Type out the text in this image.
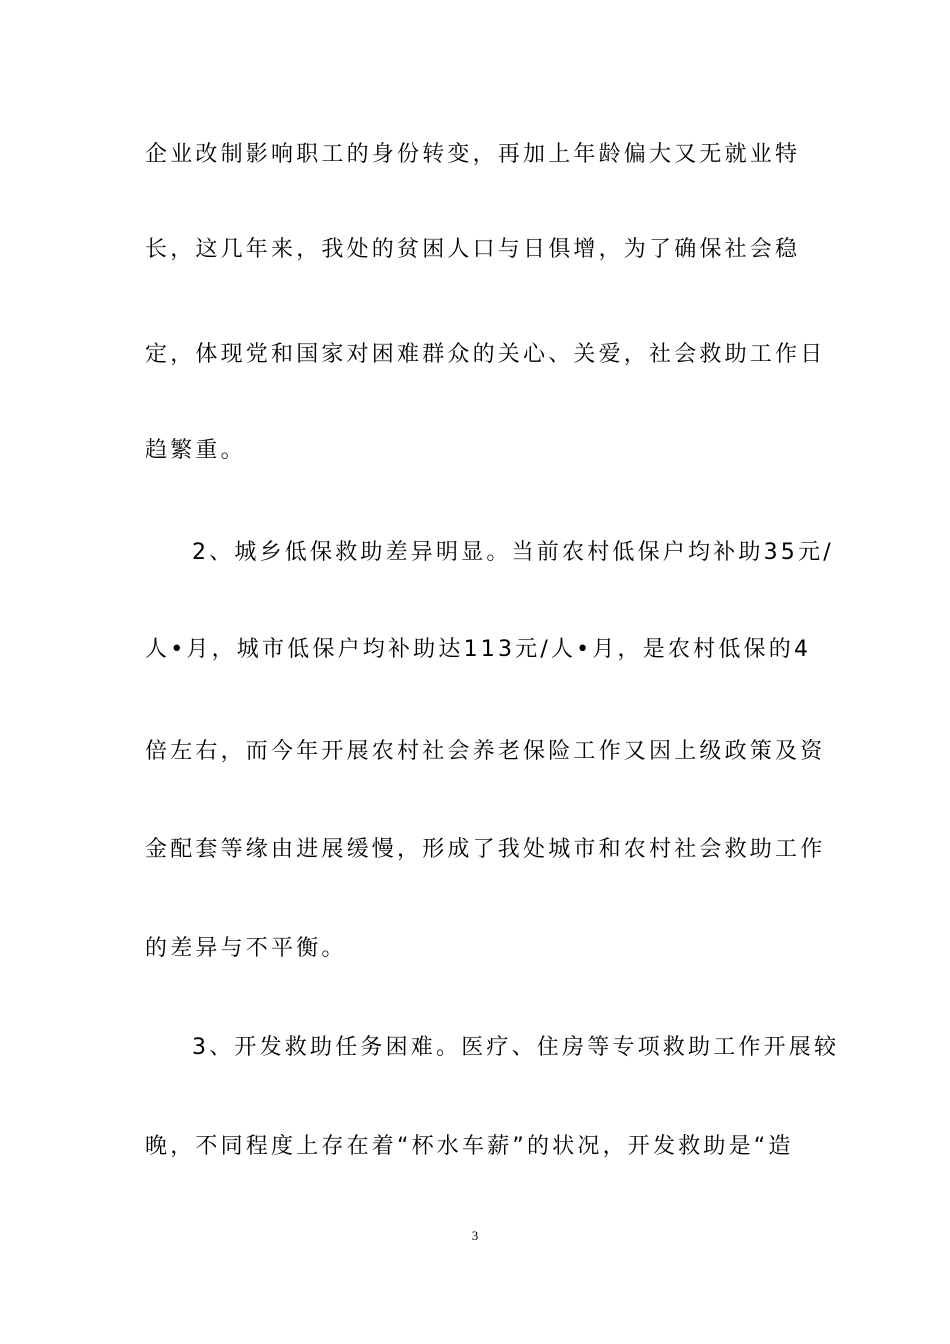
企业改制影响职工的身份转变，再加上年龄偏大又无就业特
长，这几年来，我处的贫困人口与日俱增，为了确保社会稳
定，体现党和国家对困难群众的关心、关爱，社会救助工作日
趋繁重。
2、城乡低保救助差异明显。当前农村低保户均补助35元/
人•月，城市低保户均补助达113元/人•月，是农村低保的4
倍左右，而今年开展农村社会养老保险工作又因上级政策及资
金配套等缘由进展缓慢，形成了我处城市和农村社会救助工作
的差异与不平衡。
3、开发救助任务困难。医疗、住房等专项救助工作开展较
晚，不同程度上存在着“杯水车薪”的状况，开发救助是“造
3
